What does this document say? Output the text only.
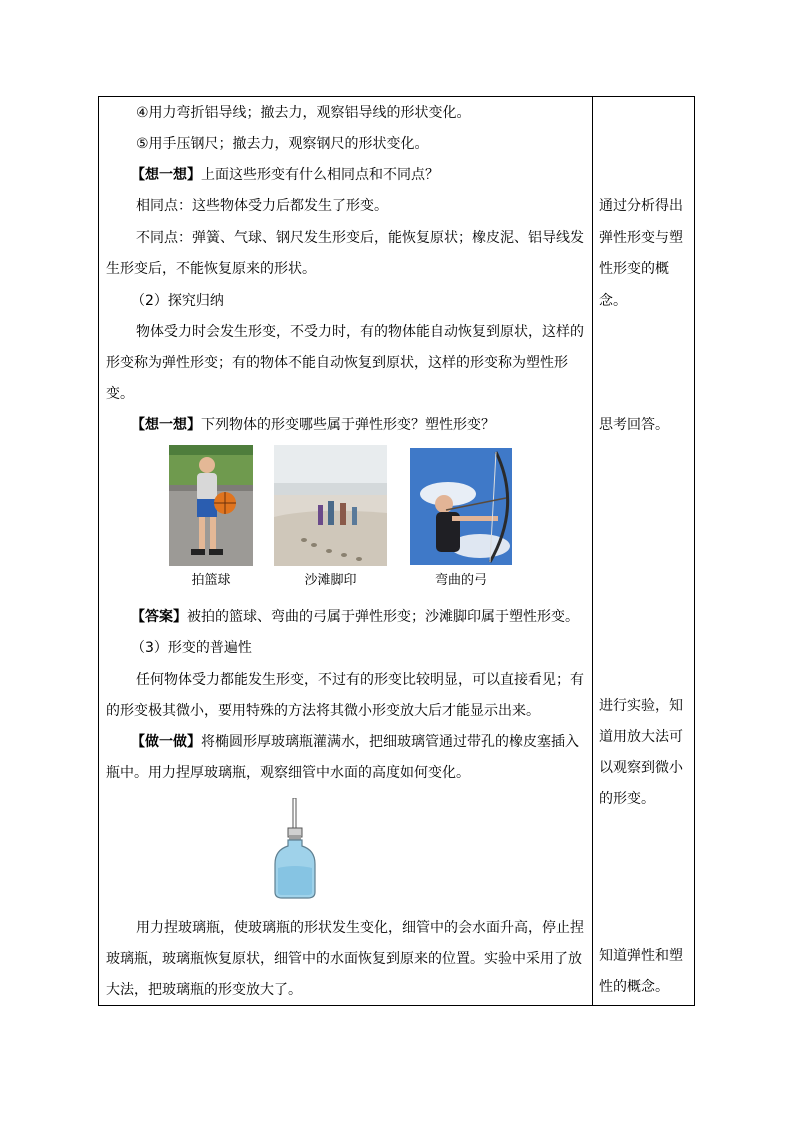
④用力弯折铝导线；撤去力，观察铝导线的形状变化。
⑤用手压钢尺；撤去力，观察钢尺的形状变化。
【想一想】上面这些形变有什么相同点和不同点？
相同点：这些物体受力后都发生了形变。
不同点：弹簧、气球、钢尺发生形变后，能恢复原状；橡皮泥、铝导线发
生形变后，不能恢复原来的形状。
（2）探究归纳
物体受力时会发生形变，不受力时，有的物体能自动恢复到原状，这样的
形变称为弹性形变；有的物体不能自动恢复到原状，这样的形变称为塑性形
变。
【想一想】下列物体的形变哪些属于弹性形变？塑性形变？
拍篮球	沙滩脚印	弯曲的弓
【答案】被拍的篮球、弯曲的弓属于弹性形变；沙滩脚印属于塑性形变。
（3）形变的普遍性
任何物体受力都能发生形变，不过有的形变比较明显，可以直接看见；有
的形变极其微小，要用特殊的方法将其微小形变放大后才能显示出来。
【做一做】将椭圆形厚玻璃瓶灌满水，把细玻璃管通过带孔的橡皮塞插入
瓶中。用力捏厚玻璃瓶，观察细管中水面的高度如何变化。
用力捏玻璃瓶，使玻璃瓶的形状发生变化，细管中的会水面升高，停止捏
玻璃瓶，玻璃瓶恢复原状，细管中的水面恢复到原来的位置。实验中采用了放
大法，把玻璃瓶的形变放大了。
通过分析得出
弹性形变与塑
性形变的概
念。
思考回答。
进行实验，知
道用放大法可
以观察到微小
的形变。
知道弹性和塑
性的概念。
